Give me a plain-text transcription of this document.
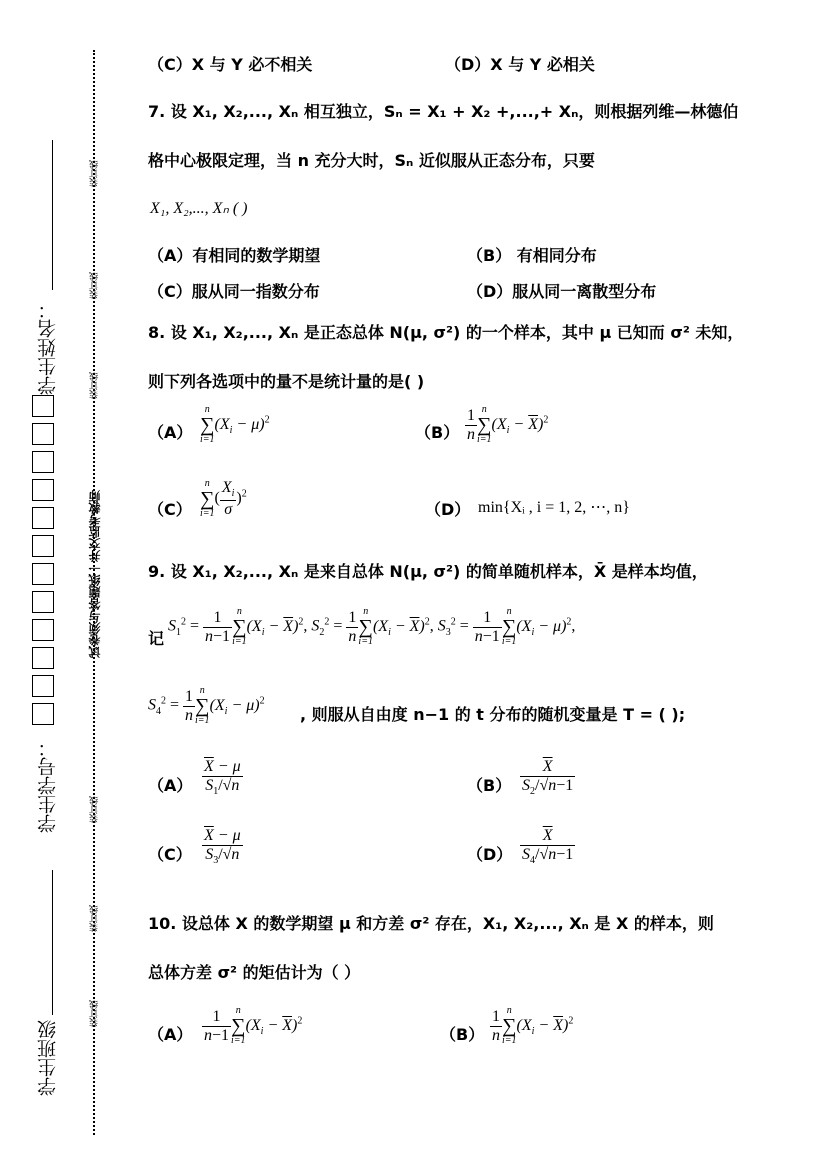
装订线
装订线
装订线
试卷须与答题纸一并交监考教师
装订线
装订线
装订线
学生班级
学生学号：
学生姓名：
（C）X 与 Y 必不相关	（D）X 与 Y 必相关
7. 设 X₁, X₂,..., Xₙ 相互独立，Sₙ = X₁ + X₂ +,...,+ Xₙ，则根据列维—林德伯
格中心极限定理，当 n 充分大时，Sₙ 近似服从正态分布，只要
X₁, X₂,..., Xₙ ( )
（A）有相同的数学期望	（B） 有相同分布
（C）服从同一指数分布	（D）服从同一离散型分布
8. 设 X₁, X₂,..., Xₙ 是正态总体 N(μ, σ²) 的一个样本，其中 μ 已知而 σ² 未知，
则下列各选项中的量不是统计量的是( )
（A）
n
∑
i=1
$(X_i - \mu)^2$
$(B) \frac{1}{n}$ n
∑
i=1
$(X_i - \overline{X})^2$
（C）
n
∑
i=1
( $\frac{X_i}{\sigma} )^2$
（D） min{Xᵢ , i = 1, 2, ⋯, n}
9. 设 X₁, X₂,..., Xₙ 是来自总体 N(μ, σ²) 的简单随机样本，X̄ 是样本均值，
记
$S_1^2 = \frac{1}{n-1}$ n
∑
i=1
$(X_i - \overline{X})^2$, $S_2^2 = \frac{1}{n}$ n
∑
i=1
$(X_i - \overline{X})^2$, $S_3^2 = \frac{1}{n-1}$ n
∑
i=1
$(X_i - \mu)^2$,
$S_4^2 = \frac{1}{n}$ n
∑
i=1
$(X_i - \mu)^2$
, 则服从自由度 n−1 的 t 分布的随机变量是 T = ( );
$(A) \frac{\overline{X} - \mu}{S_1/√n}$	$(B) \frac{\overline{X}}{S_2/√n-1}$
$(C) \frac{\overline{X} - \mu}{S_3/√n}$	$(D) \frac{\overline{X}}{S_4/√n-1}$
10. 设总体 X 的数学期望 μ 和方差 σ² 存在，X₁, X₂,..., Xₙ 是 X 的样本，则
总体方差 σ² 的矩估计为（ ）
$(A) \frac{1}{n-1}$ n
∑
i=1
$(X_i - \overline{X})^2$
$(B) \frac{1}{n}$ n
∑
i=1
$(X_i - \overline{X})^2$
